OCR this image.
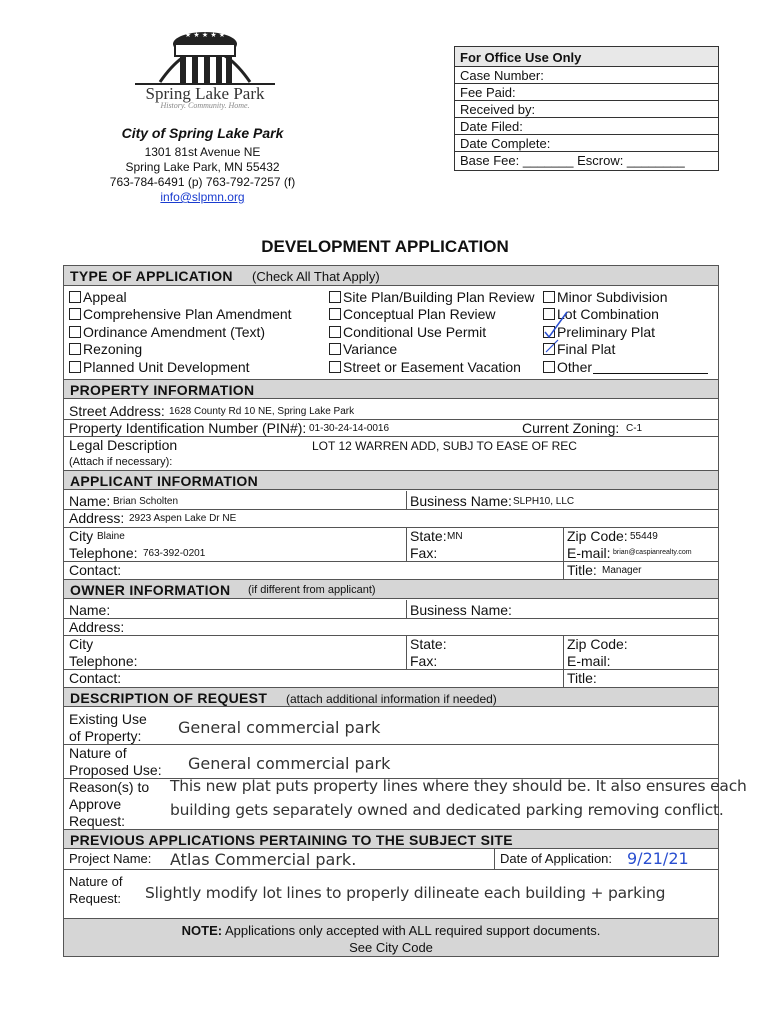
★ ★ ★ ★ ★
Spring Lake Park
History. Community. Home.
City of Spring Lake Park
1301 81st Avenue NE
Spring Lake Park, MN 55432
763-784-6491 (p) 763-792-7257 (f)
info@slpmn.org
For Office Use Only
Case Number:
Fee Paid:
Received by:
Date Filed:
Date Complete:
Base Fee: _______ Escrow: ________
DEVELOPMENT APPLICATION
TYPE OF APPLICATION (Check All That Apply)
Appeal
Comprehensive Plan Amendment
Ordinance Amendment (Text)
Rezoning
Planned Unit Development
Site Plan/Building Plan Review
Conceptual Plan Review
Conditional Use Permit
Variance
Street or Easement Vacation
Minor Subdivision
Lot Combination
Preliminary Plat
Final Plat
Other
PROPERTY INFORMATION
Street Address: 1628 County Rd 10 NE, Spring Lake Park
Property Identification Number (PIN#): 01-30-24-14-0016	Current Zoning: C-1
Legal Description	LOT 12 WARREN ADD, SUBJ TO EASE OF REC
(Attach if necessary):
APPLICANT INFORMATION
Name: Brian Scholten	Business Name: SLPH10, LLC
Address: 2923 Aspen Lake Dr NE
City Blaine	State: MN	Zip Code: 55449
Telephone: 763-392-0201	Fax:	E-mail: brian@caspianrealty.com
Contact:	Title: Manager
OWNER INFORMATION (if different from applicant)
Name:	Business Name:
Address:
City	State:	Zip Code:
Telephone:	Fax:	E-mail:
Contact:	Title:
DESCRIPTION OF REQUEST (attach additional information if needed)
Existing Use
of Property: General commercial park
Nature of
Proposed Use: General commercial park
Reason(s) to
Approve
Request:
This new plat puts property lines where they should be. It also ensures each
building gets separately owned and dedicated parking removing conflict.
PREVIOUS APPLICATIONS PERTAINING TO THE SUBJECT SITE
Project Name: Atlas Commercial park.	Date of Application: 9/21/21
Nature of
Request: Slightly modify lot lines to properly dilineate each building + parking
NOTE: Applications only accepted with ALL required support documents.
See City Code
